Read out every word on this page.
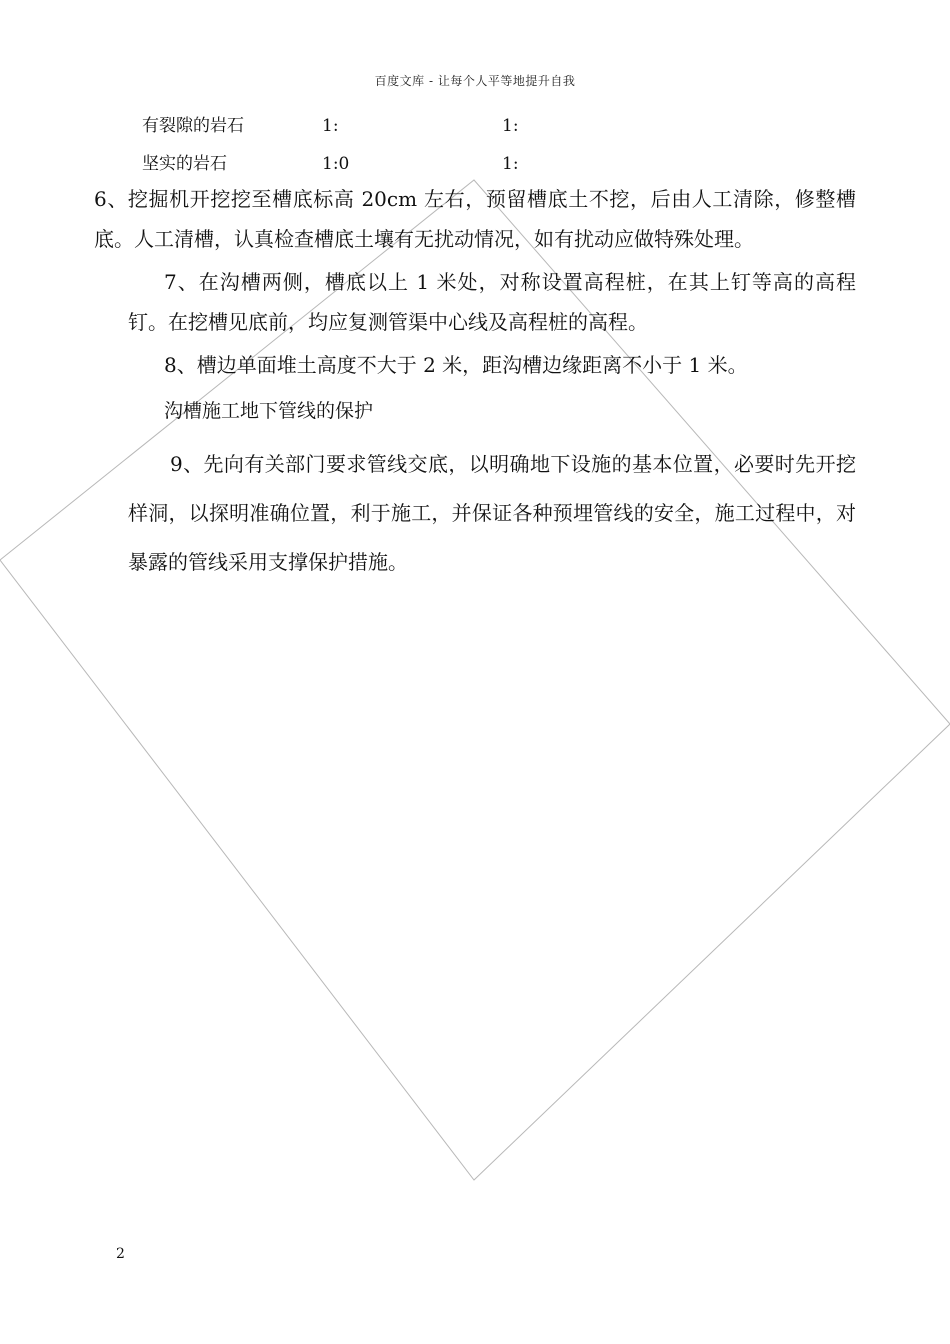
百度文库 - 让每个人平等地提升自我
有裂隙的岩石	1:	1:
坚实的岩石	1:0	1:
6、挖掘机开挖挖至槽底标高 20cm 左右，预留槽底土不挖，后由人工清除，修整槽底。人工清槽，认真检查槽底土壤有无扰动情况，如有扰动应做特殊处理。
7、在沟槽两侧，槽底以上 1 米处，对称设置高程桩，在其上钉等高的高程钉。在挖槽见底前，均应复测管渠中心线及高程桩的高程。
8、槽边单面堆土高度不大于 2 米，距沟槽边缘距离不小于 1 米。
沟槽施工地下管线的保护
9、先向有关部门要求管线交底，以明确地下设施的基本位置，必要时先开挖样洞，以探明准确位置，利于施工，并保证各种预埋管线的安全，施工过程中，对暴露的管线采用支撑保护措施。
2
